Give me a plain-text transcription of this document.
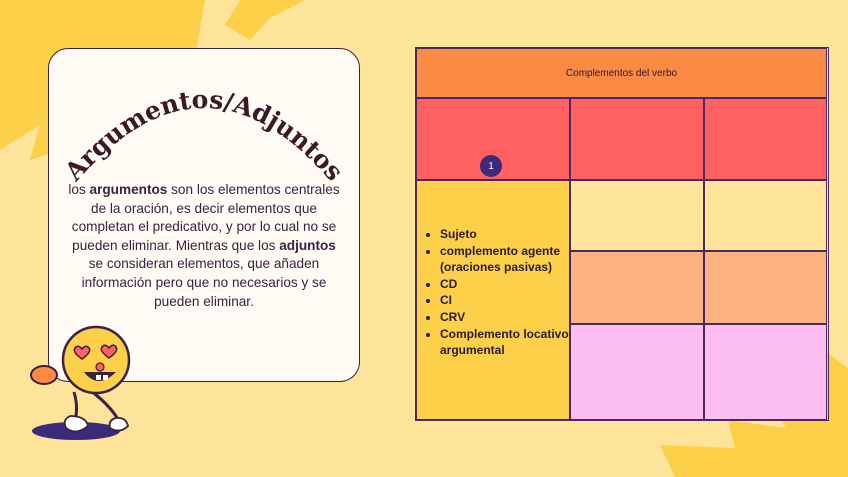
Argumentos/Adjuntos

los argumentos son los elementos centrales de la oración, es decir elementos que completan el predicativo, y por lo cual no se pueden eliminar. Mientras que los adjuntos se consideran elementos, que añaden información pero que no necesarios y se pueden eliminar.

Complementos del verbo
1
• Sujeto
• complemento agente (oraciones pasivas)
• CD
• CI
• CRV
• Complemento locativo argumental
